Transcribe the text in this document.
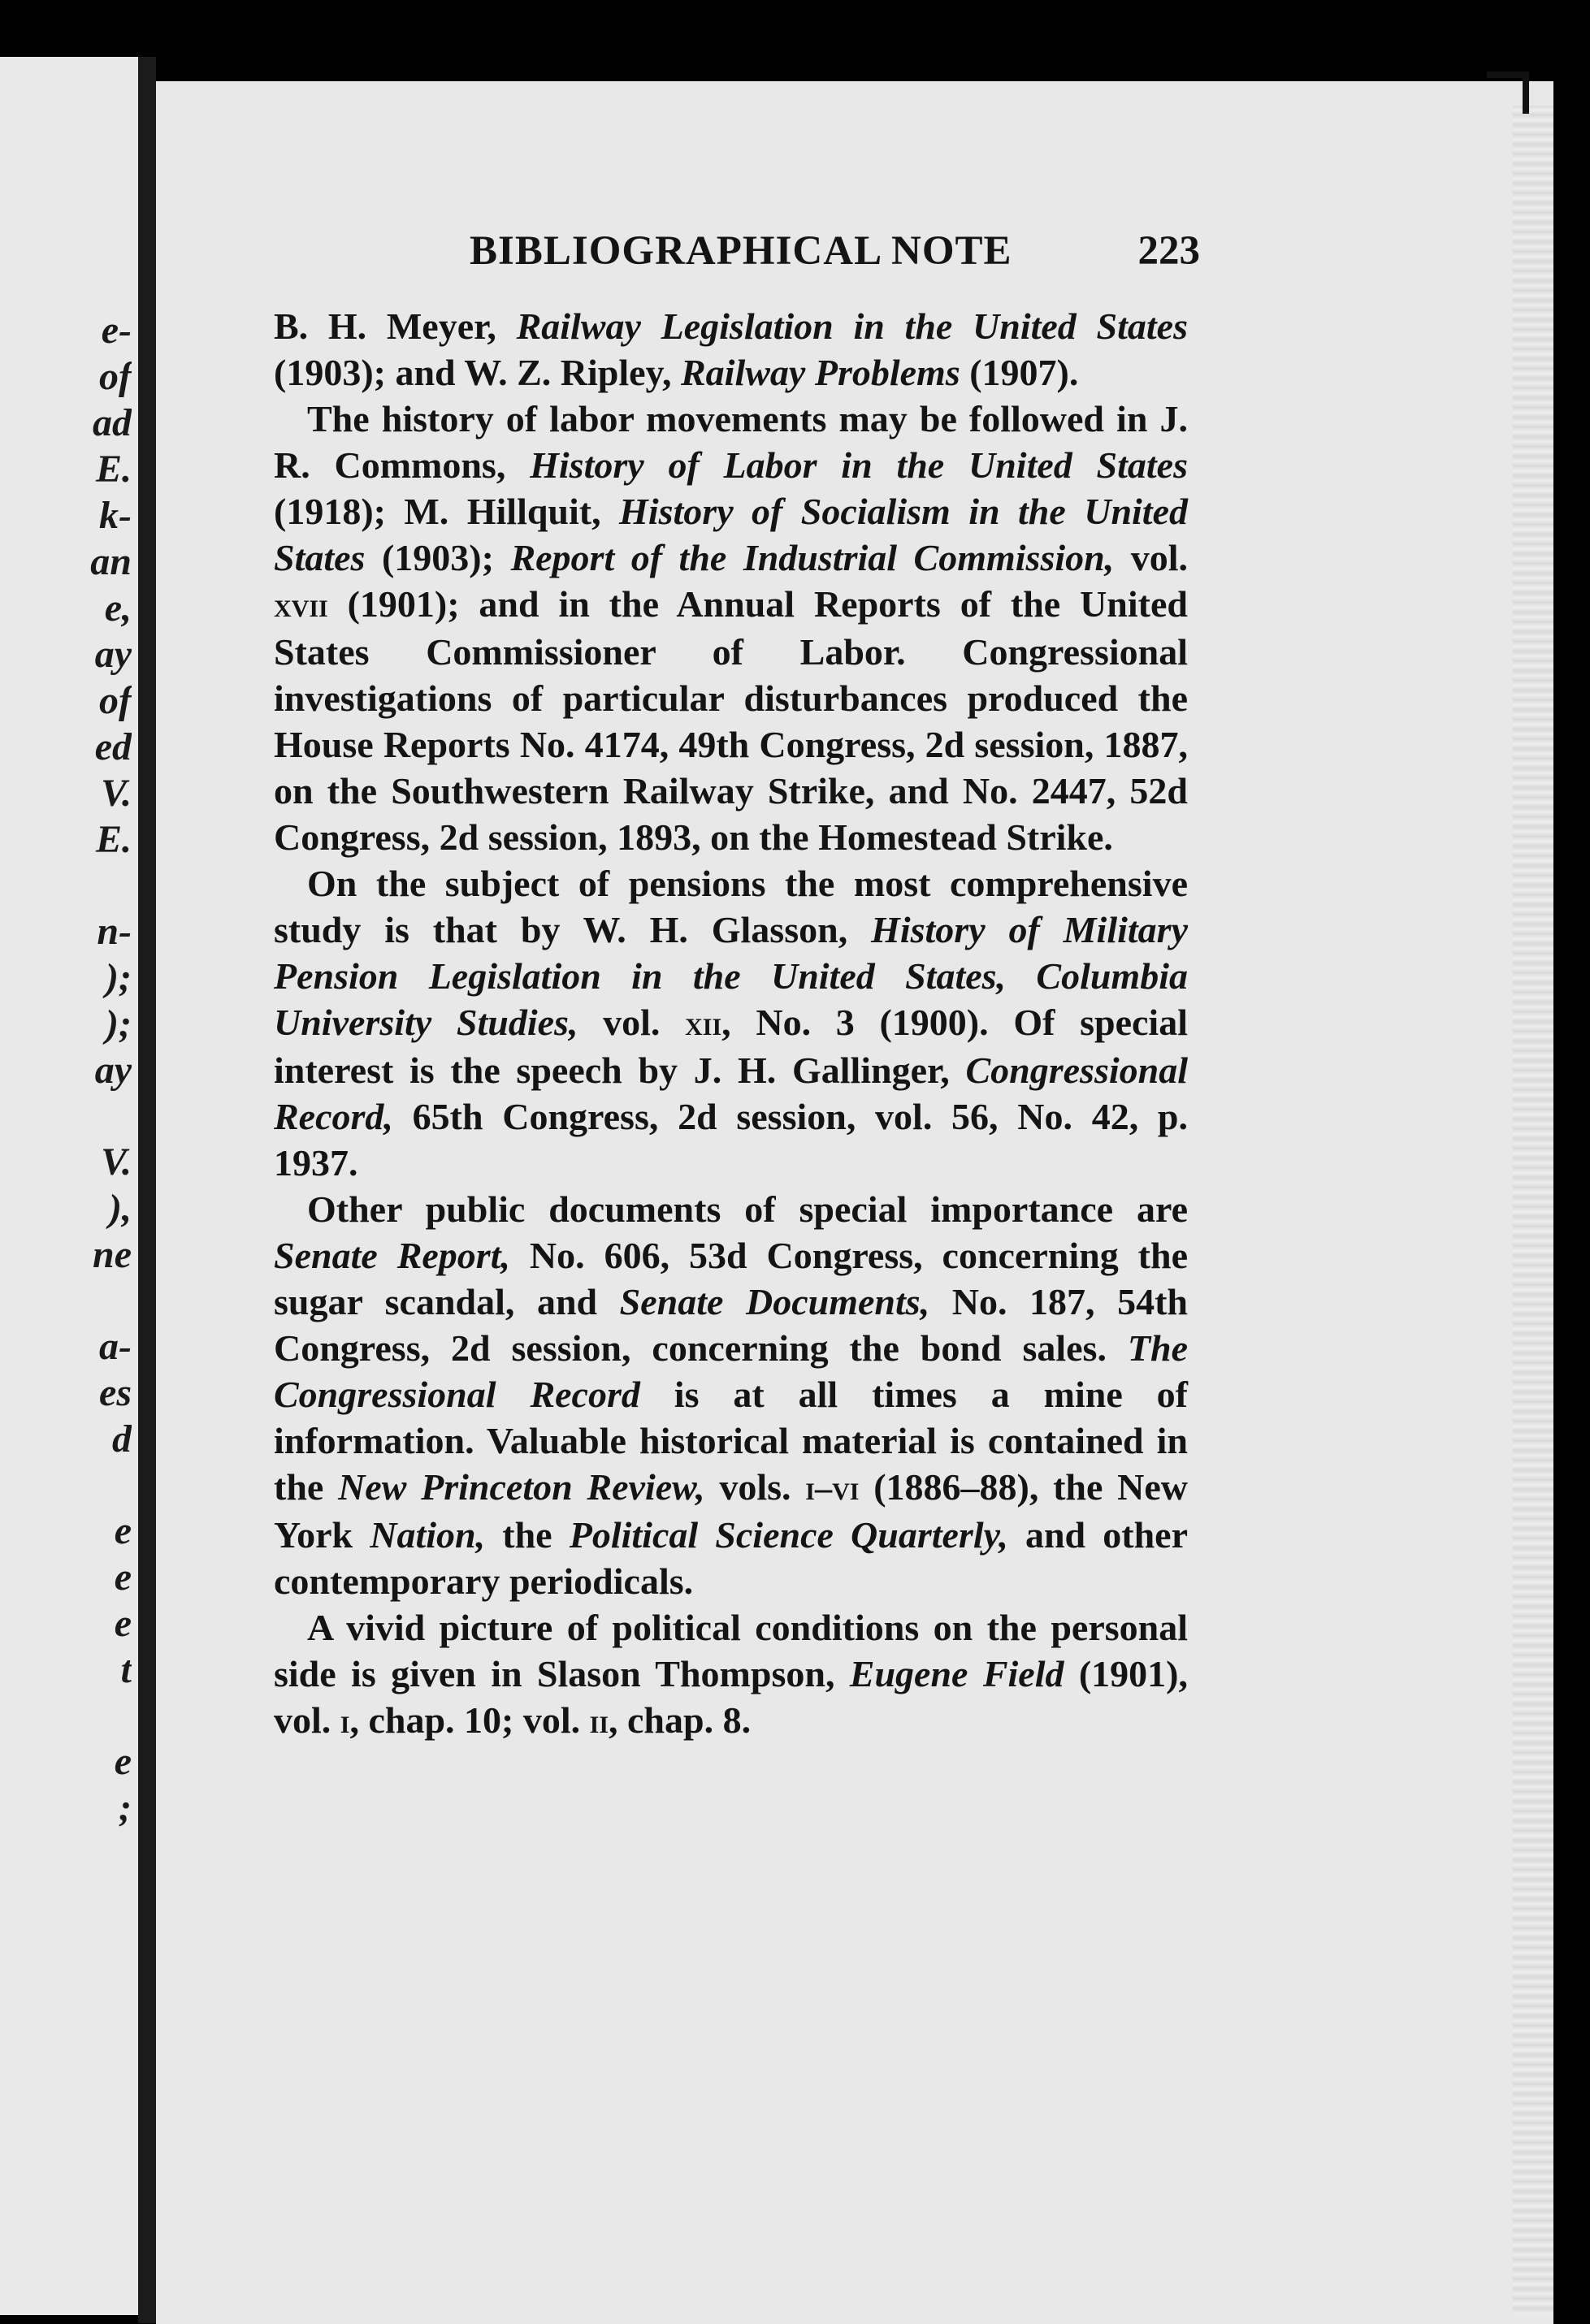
e-
of
ad
E.
k-
an
e,
ay
of
ed
V.
E.
n-
);
);
ay
V.
),
ne
a-
es
d
e
e
e
t
e
;
BIBLIOGRAPHICAL NOTE	223

B. H. Meyer, Railway Legislation in the United States (1903); and W. Z. Ripley, Railway Problems (1907).

The history of labor movements may be followed in J. R. Commons, History of Labor in the United States (1918); M. Hillquit, History of Socialism in the United States (1903); Report of the Industrial Commission, vol. xvii (1901); and in the Annual Reports of the United States Commissioner of Labor. Congressional investigations of particular disturbances produced the House Reports No. 4174, 49th Congress, 2d session, 1887, on the Southwestern Railway Strike, and No. 2447, 52d Congress, 2d session, 1893, on the Homestead Strike.

On the subject of pensions the most comprehensive study is that by W. H. Glasson, History of Military Pension Legislation in the United States, Columbia University Studies, vol. xii, No. 3 (1900). Of special interest is the speech by J. H. Gallinger, Congressional Record, 65th Congress, 2d session, vol. 56, No. 42, p. 1937.

Other public documents of special importance are Senate Report, No. 606, 53d Congress, concerning the sugar scandal, and Senate Documents, No. 187, 54th Congress, 2d session, concerning the bond sales. The Congressional Record is at all times a mine of information. Valuable historical material is contained in the New Princeton Review, vols. i–vi (1886–88), the New York Nation, the Political Science Quarterly, and other contemporary periodicals.

A vivid picture of political conditions on the personal side is given in Slason Thompson, Eugene Field (1901), vol. i, chap. 10; vol. ii, chap. 8.
